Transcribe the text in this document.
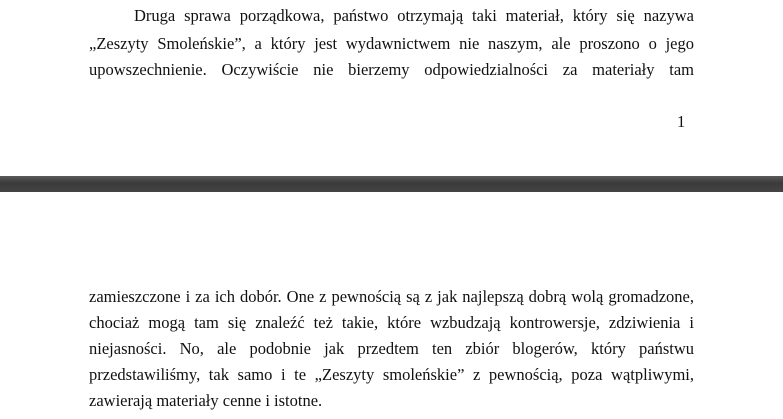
Druga sprawa porządkowa, państwo otrzymają taki materiał, który się nazywa
„Zeszyty Smoleńskie”, a który jest wydawnictwem nie naszym, ale proszono o jego
upowszechnienie. Oczywiście nie bierzemy odpowiedzialności za materiały tam
1
zamieszczone i za ich dobór. One z pewnością są z jak najlepszą dobrą wolą gromadzone,
chociaż mogą tam się znaleźć też takie, które wzbudzają kontrowersje, zdziwienia i
niejasności. No, ale podobnie jak przedtem ten zbiór blogerów, który państwu
przedstawiliśmy, tak samo i te „Zeszyty smoleńskie” z pewnością, poza wątpliwymi,
zawierają materiały cenne i istotne.
